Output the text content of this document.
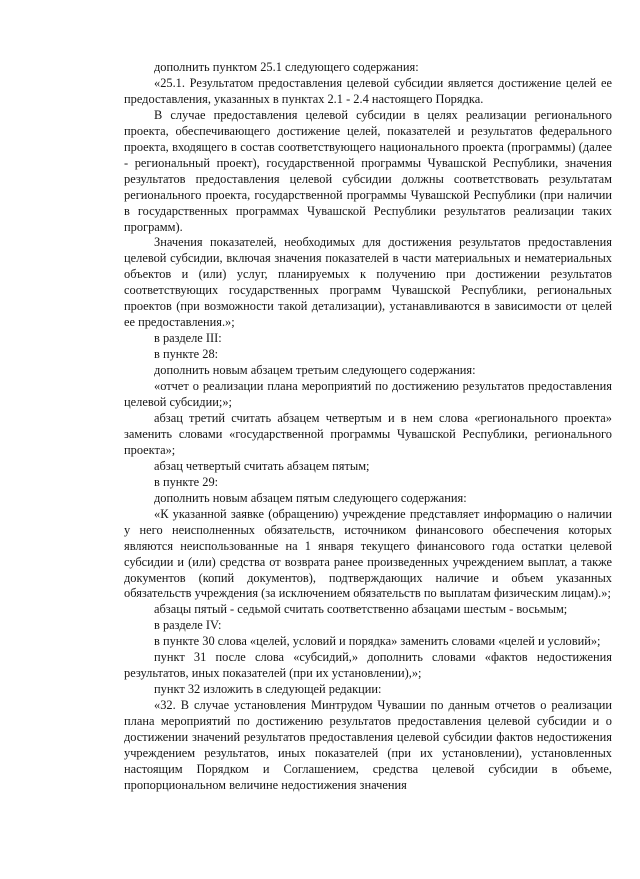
дополнить пунктом 25.1 следующего содержания:

«25.1. Результатом предоставления целевой субсидии является достижение целей ее предоставления, указанных в пунктах 2.1 - 2.4 настоящего Порядка.

В случае предоставления целевой субсидии в целях реализации регионального проекта, обеспечивающего достижение целей, показателей и результатов федерального проекта, входящего в состав соответствующего национального проекта (программы) (далее - региональный проект), государственной программы Чувашской Республики, значения результатов предоставления целевой субсидии должны соответствовать результатам регионального проекта, государственной программы Чувашской Республики (при наличии в государственных программах Чувашской Республики результатов реализации таких программ).

Значения показателей, необходимых для достижения результатов предоставления целевой субсидии, включая значения показателей в части материальных и нематериальных объектов и (или) услуг, планируемых к получению при достижении результатов соответствующих государственных программ Чувашской Республики, региональных проектов (при возможности такой детализации), устанавливаются в зависимости от целей ее предоставления.»;

в разделе III:

в пункте 28:

дополнить новым абзацем третьим следующего содержания:

«отчет о реализации плана мероприятий по достижению результатов предоставления целевой субсидии;»;

абзац третий считать абзацем четвертым и в нем слова «регионального проекта» заменить словами «государственной программы Чувашской Республики, регионального проекта»;

абзац четвертый считать абзацем пятым;

в пункте 29:

дополнить новым абзацем пятым следующего содержания:

«К указанной заявке (обращению) учреждение представляет информацию о наличии у него неисполненных обязательств, источником финансового обеспечения которых являются неиспользованные на 1 января текущего финансового года остатки целевой субсидии и (или) средства от возврата ранее произведенных учреждением выплат, а также документов (копий документов), подтверждающих наличие и объем указанных обязательств учреждения (за исключением обязательств по выплатам физическим лицам).»;

абзацы пятый - седьмой считать соответственно абзацами шестым - восьмым;

в разделе IV:

в пункте 30 слова «целей, условий и порядка» заменить словами «целей и условий»;

пункт 31 после слова «субсидий,» дополнить словами «фактов недостижения результатов, иных показателей (при их установлении),»;

пункт 32 изложить в следующей редакции:

«32. В случае установления Минтрудом Чувашии по данным отчетов о реализации плана мероприятий по достижению результатов предоставления целевой субсидии и о достижении значений результатов предоставления целевой субсидии фактов недостижения учреждением результатов, иных показателей (при их установлении), установленных настоящим Порядком и Соглашением, средства целевой субсидии в объеме, пропорциональном величине недостижения значения
